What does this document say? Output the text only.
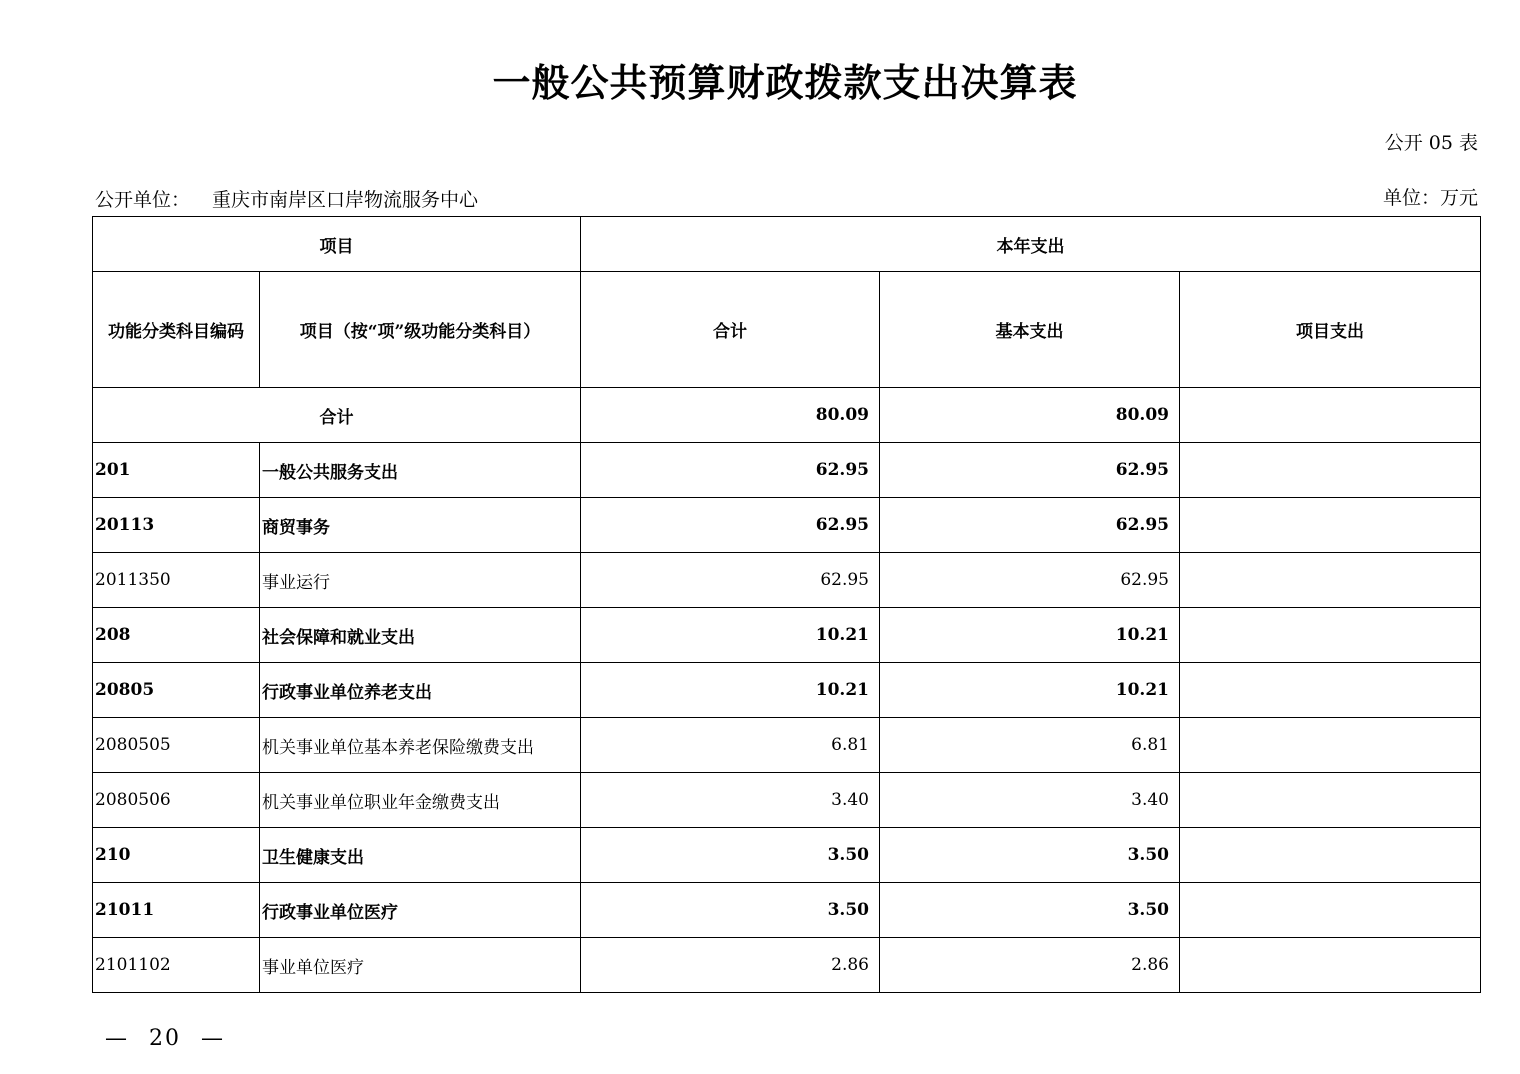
一般公共预算财政拨款支出决算表
公开 05 表
公开单位： 重庆市南岸区口岸物流服务中心	单位：万元
项目		本年支出		
功能分类科目编码	项目（按“项”级功能分类科目）	合计	基本支出	项目支出
合计		80.09	80.09	
201	一般公共服务支出	62.95	62.95	
20113	商贸事务	62.95	62.95	
2011350	事业运行	62.95	62.95	
208	社会保障和就业支出	10.21	10.21	
20805	行政事业单位养老支出	10.21	10.21	
2080505	机关事业单位基本养老保险缴费支出	6.81	6.81	
2080506	机关事业单位职业年金缴费支出	3.40	3.40	
210	卫生健康支出	3.50	3.50	
21011	行政事业单位医疗	3.50	3.50	
2101102	事业单位医疗	2.86	2.86	
— 20 —
